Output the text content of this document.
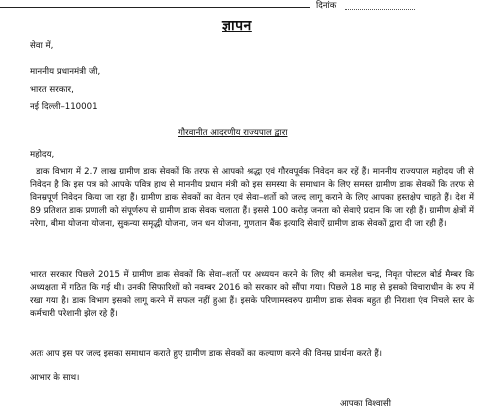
दिनांक
ज्ञापन
सेवा में,
माननीय प्रधानमंत्री जी,
भारत सरकार,
नई दिल्ली–110001
गौरवानीत आदरणीय राज्यपाल द्वारा
महोदय,
डाक विभाग में 2.7 लाख ग्रामीण डाक सेवकों कि तरफ से आपको श्रद्धा एवं गौरवपूर्वक निवेदन कर रहें हैं। माननीय राज्यपाल महोदय जी से निवेदन है कि इस पत्र को आपके पवित्र हाथ से माननीय प्रधान मंत्री को इस समस्या के समाधान के लिए समस्त ग्रामीण डाक सेवकों कि तरफ से विनम्रपूर्ण निवेदन किया जा रहा हैं। ग्रामीण डाक सेवकों का वेतन एवं सेवा–शर्तो को जल्द लागू कराने के लिए आपका हस्तक्षेप चाहते हैं। देश में 89 प्रतिशत डाक प्रणाली को संपूर्णरुप से ग्रामीण डाक सेवक चलाता हैं। इससे 100 करोड़ जनता को सेवाऐ प्रदान कि जा रही हैं। ग्रामीण क्षेत्रों में नरेगा, बीमा योजना योजना, सुकन्या समृद्धी योजना, जन धन योजना, गुणतान बैंक इत्यादि सेवाऐं ग्रामीण डाक सेवकों द्वारा दी जा रही हैं।
भारत सरकार पिछले 2015 में ग्रामीण डाक सेवकों कि सेवा–शर्तो पर अध्ययन करने के लिए श्री कमलेश चन्द्र, निवृत पोस्टल बोर्ड मैम्बर कि अध्यक्षता में गठित कि गई थी। उनकी सिफारिशों को नवम्बर 2016 को सरकार को सौंपा गया। पिछले 18 माह से इसको विचाराधीन के रुप में रखा गया है। डाक विभाग इसको लागू करने में सफल नहीं हुआ हैं। इसके परिणामस्वरुप ग्रामीण डाक सेवक बहुत ही निराशा एंव निचले स्तर के कर्मचारी परेशानी झेल रहे हैं।
अतः आप इस पर जल्द इसका समाधान कराते हुए ग्रामीण डाक सेवकों का कल्याण करने की विनम्र प्रार्थना करते हैं।
आभार के साथ।
आपका विश्वासी
